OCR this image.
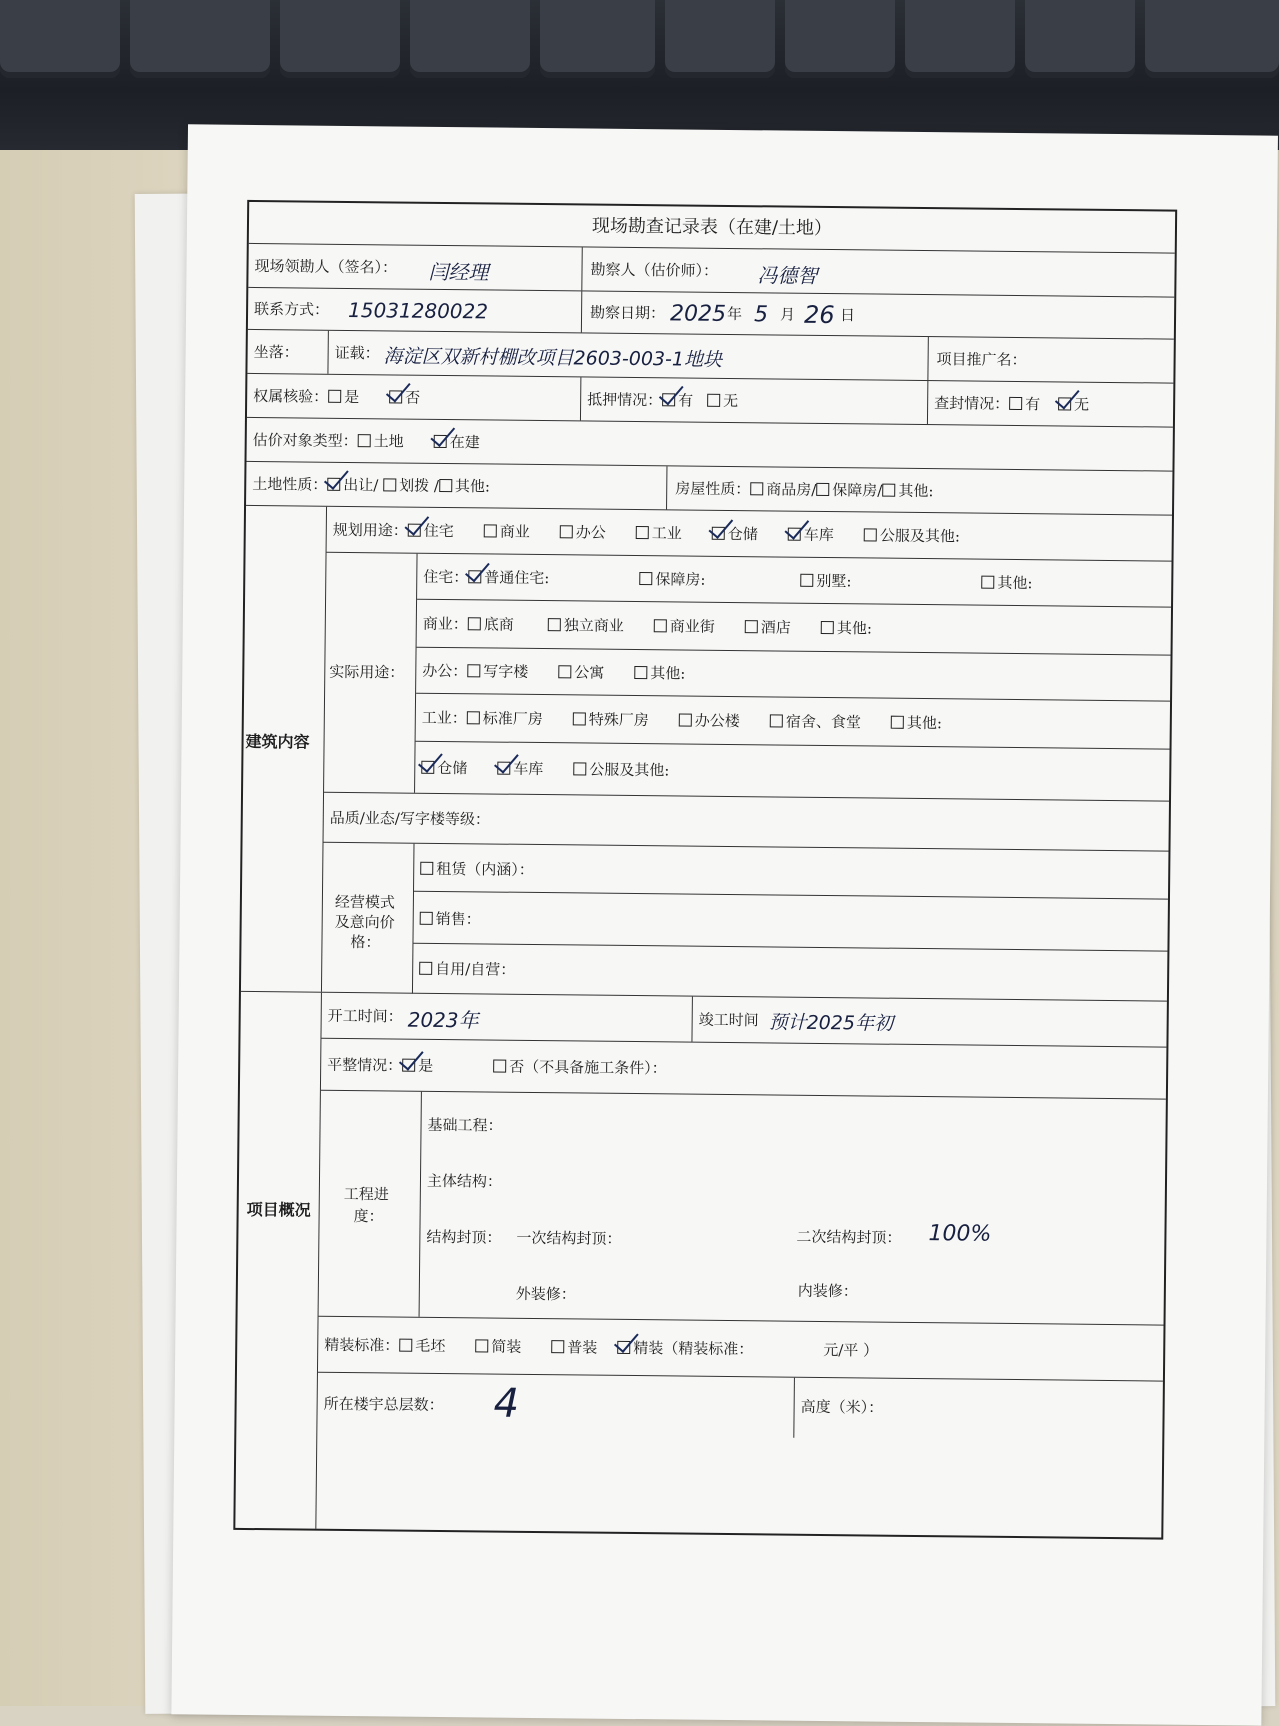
现场勘查记录表（在建/土地）
现场领勘人（签名）： 闫经理	勘察人（估价师）： 冯德智
联系方式： 15031280022	勘察日期： 2025 年 5 月 26 日
坐落： 证载： 海淀区双新村棚改项目2603-003-1地块	项目推广名：
权属核验： 是	否	抵押情况： 有 无	查封情况： 有 无
估价对象类型： 土地	在建
土地性质： 出让/ 划拨 / 其他:	房屋性质： 商品房/ 保障房/ 其他:
建筑内容
规划用途： 住宅	商业	办公	工业	仓储	车库	公服及其他:
实际用途：
住宅： 普通住宅:	保障房:	别墅:	其他:
商业： 底商	独立商业	商业街	酒店	其他:
办公： 写字楼	公寓	其他:
工业： 标准厂房	特殊厂房	办公楼	宿舍、食堂	其他:
仓储	车库	公服及其他:
品质/业态/写字楼等级：
经营模式
及意向价
格：
租赁（内涵）：
销售：
自用/自营：
项目概况
开工时间： 2023年	竣工时间 预计2025年初
平整情况： 是	否（不具备施工条件）：
工程进
度：
基础工程：
主体结构：
结构封顶： 一次结构封顶：	二次结构封顶： 100%
外装修：	内装修：
精装标准： 毛坯	简装	普装 精装（精装标准：	元/平 ）
所在楼宇总层数： 4	高度（米）：
